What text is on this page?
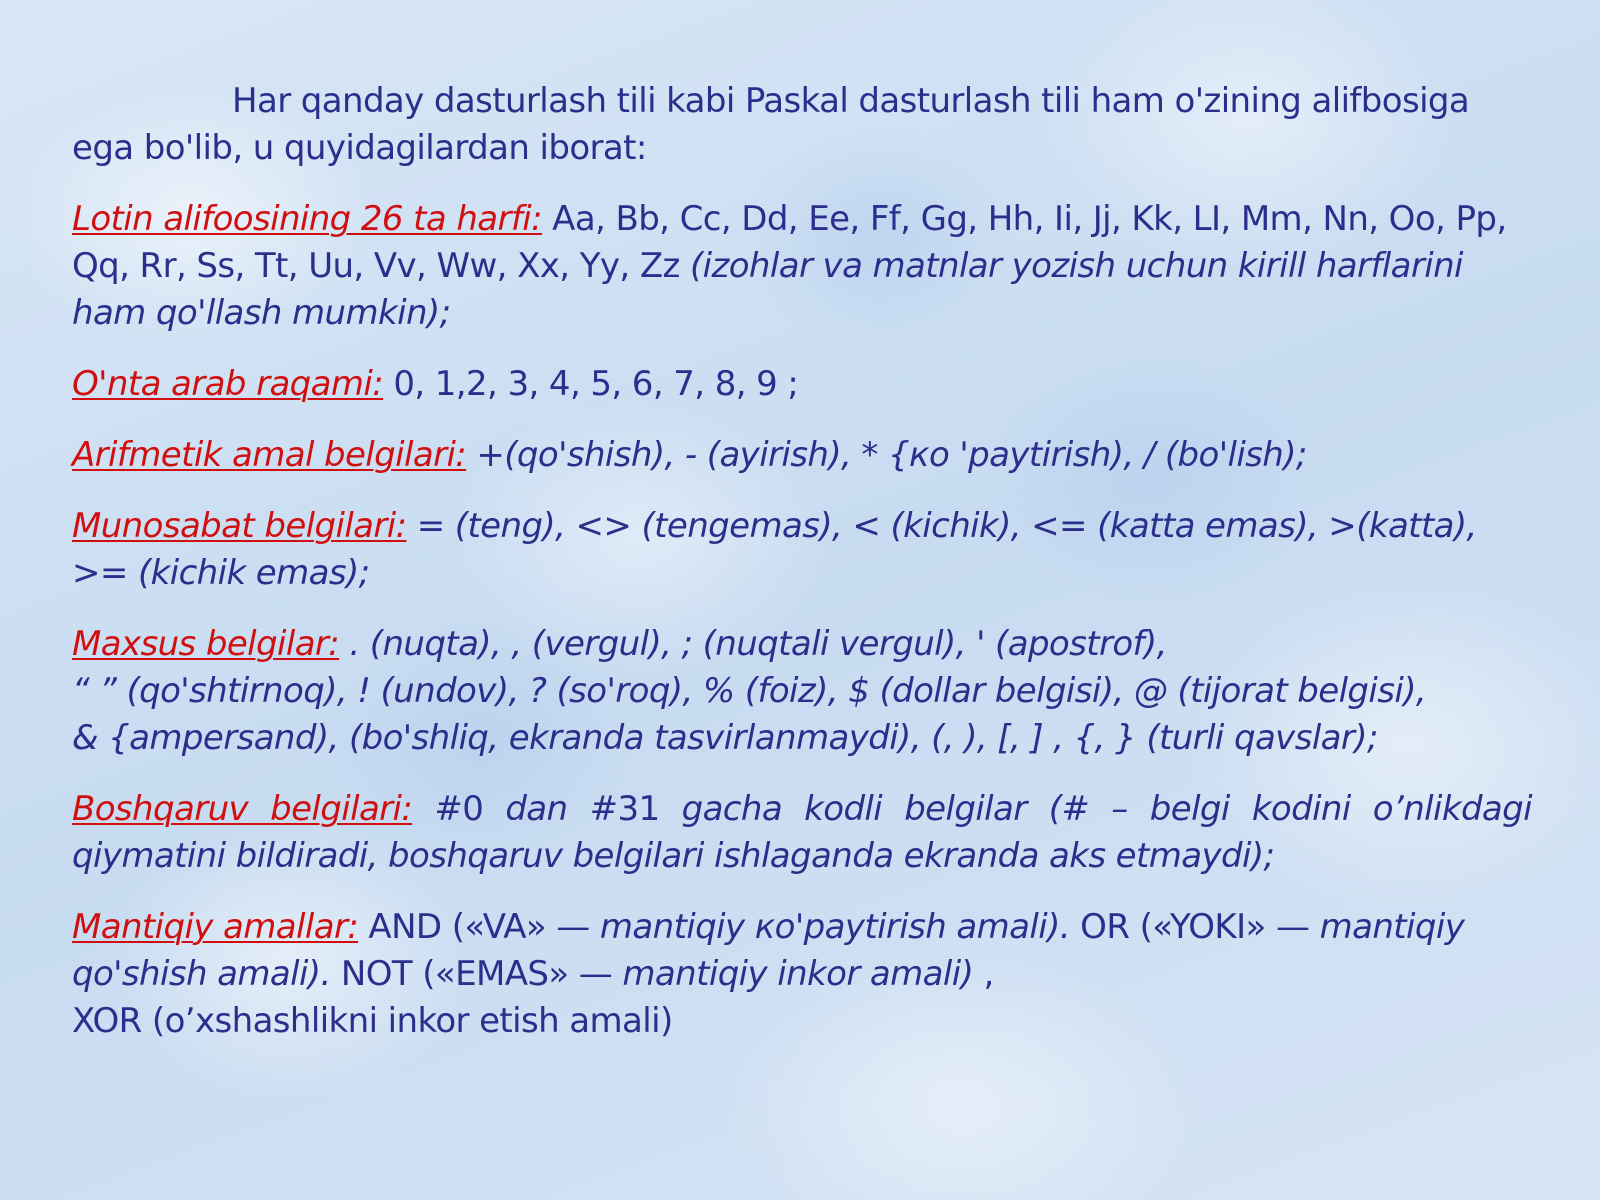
Har qanday dasturlash tili kabi Paskal dasturlash tili ham o'zining alifbosiga ega bo'lib, u quyidagilardan iborat:

Lotin alifoosining 26 ta harfi: Aa, Bb, Cc, Dd, Ee, Ff, Gg, Hh, Ii, Jj, Kk, LI, Mm, Nn, Oo, Pp, Qq, Rr, Ss, Tt, Uu, Vv, Ww, Xx, Yy, Zz (izohlar va matnlar yozish uchun kirill harflarini ham qo'llash mumkin);

O'nta arab raqami: 0, 1,2, 3, 4, 5, 6, 7, 8, 9 ;

Arifmetik amal belgilari: +(qo'shish), - (ayirish), * {ко 'paytirish), / (bo'lish);

Munosabat belgilari: = (teng), <> (tengemas), < (kichik), <= (katta emas), >(katta), >= (kichik emas);

Maxsus belgilar: . (nuqta), , (vergul), ; (nuqtali vergul), ' (apostrof),
“ ” (qo'shtirnoq), ! (undov), ? (so'roq), % (foiz), $ (dollar belgisi), @ (tijorat belgisi),
& {ampersand), (bo'shliq, ekranda tasvirlanmaydi), (, ), [, ] , {, } (turli qavslar);

Boshqaruv belgilari: #0 dan #31 gacha kodli belgilar (# – belgi kodini o’nlikdagi qiymatini bildiradi, boshqaruv belgilari ishlaganda ekranda aks etmaydi);

Mantiqiy amallar: AND («VA» — mantiqiy ко'paytirish amali). OR («YOKI» — mantiqiy qo'shish amali). NOT («EMAS» — mantiqiy inkor amali) ,
XOR (o’xshashlikni inkor etish amali)
